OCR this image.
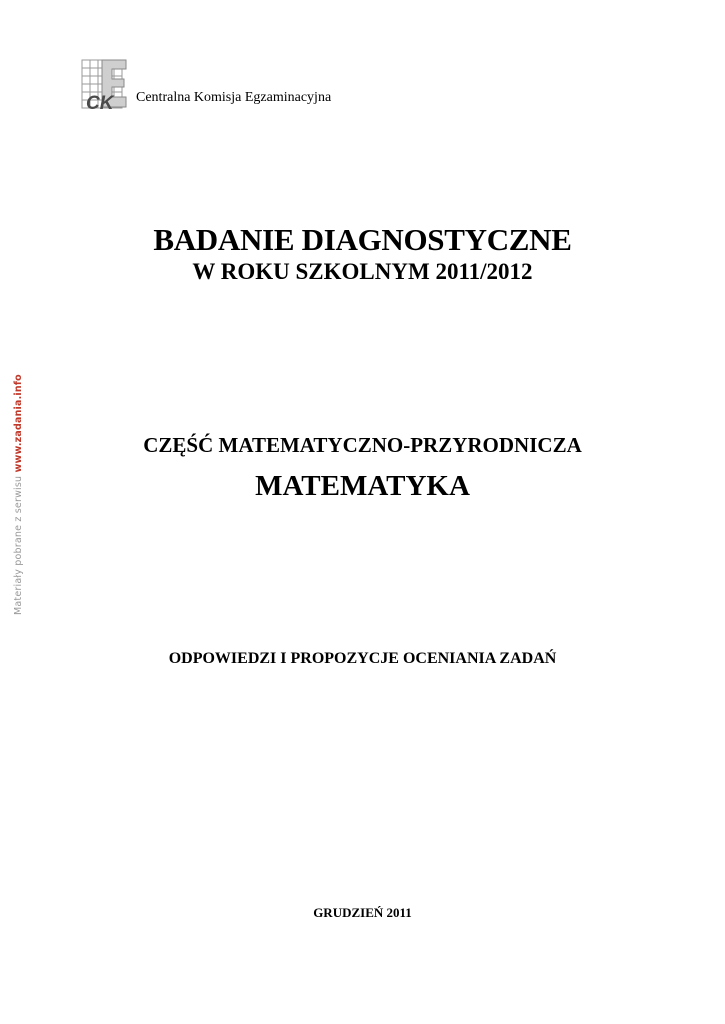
CK Centralna Komisja Egzaminacyjna
Materiały pobrane z serwisu www.zadania.info
BADANIE DIAGNOSTYCZNE
W ROKU SZKOLNYM 2011/2012
CZĘŚĆ MATEMATYCZNO-PRZYRODNICZA
MATEMATYKA
ODPOWIEDZI I PROPOZYCJE OCENIANIA ZADAŃ
GRUDZIEŃ 2011
